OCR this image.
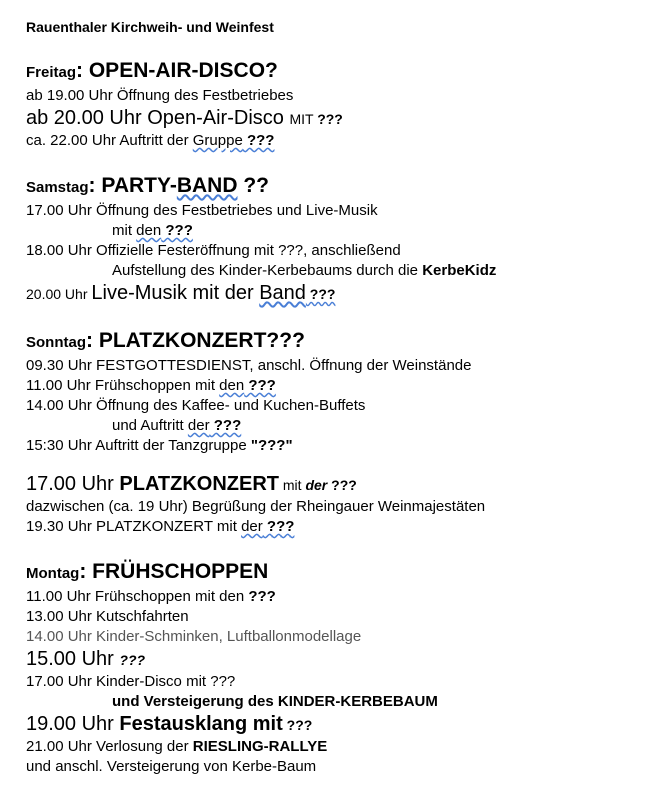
Rauenthaler Kirchweih- und Weinfest
Freitag: OPEN-AIR-DISCO?
ab 19.00 Uhr Öffnung des Festbetriebes
ab 20.00 Uhr Open-Air-Disco MIT ???
ca. 22.00 Uhr Auftritt der Gruppe ???
Samstag: PARTY-BAND ??
17.00 Uhr Öffnung des Festbetriebes und Live-Musik
mit den ???
18.00 Uhr Offizielle Festeröffnung mit ???, anschließend
Aufstellung des Kinder-Kerbebaums durch die KerbeKidz
20.00 Uhr Live-Musik mit der Band ???
Sonntag: PLATZKONZERT???
09.30 Uhr FESTGOTTESDIENST, anschl. Öffnung der Weinstände
11.00 Uhr Frühschoppen mit den ???
14.00 Uhr Öffnung des Kaffee- und Kuchen-Buffets
und Auftritt der ???
15:30 Uhr Auftritt der Tanzgruppe "???"
17.00 Uhr PLATZKONZERT mit der ???
dazwischen (ca. 19 Uhr) Begrüßung der Rheingauer Weinmajestäten
19.30 Uhr PLATZKONZERT mit der ???
Montag: FRÜHSCHOPPEN
11.00 Uhr Frühschoppen mit den ???
13.00 Uhr Kutschfahrten
14.00 Uhr Kinder-Schminken, Luftballonmodellage
15.00 Uhr ???
17.00 Uhr Kinder-Disco mit ???
und Versteigerung des KINDER-KERBEBAUM
19.00 Uhr Festausklang mit ???
21.00 Uhr Verlosung der RIESLING-RALLYE
und anschl. Versteigerung von Kerbe-Baum
